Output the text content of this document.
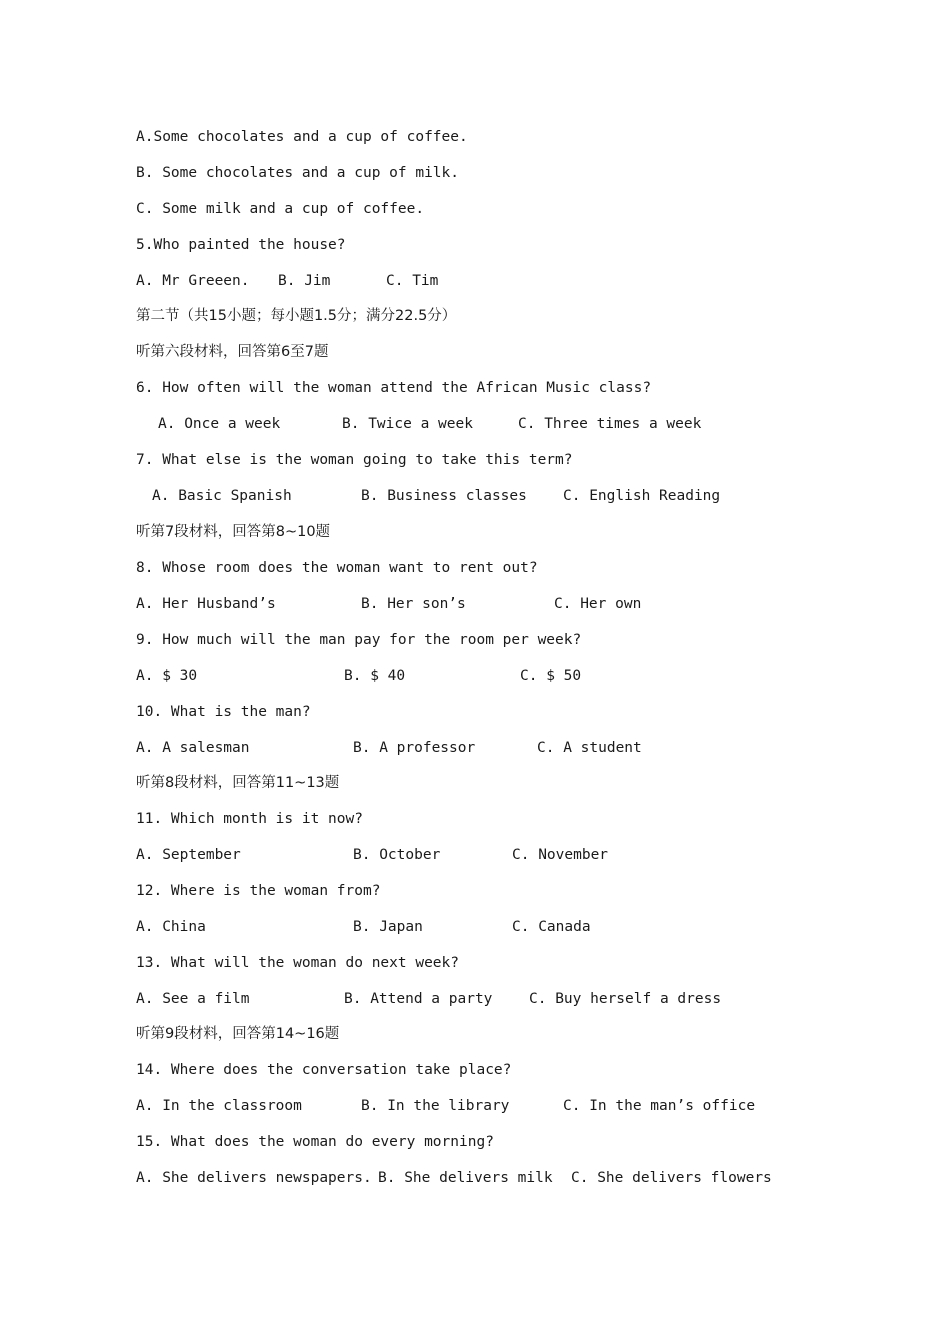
A.Some chocolates and a cup of coffee.
B. Some chocolates and a cup of milk.
C. Some milk and a cup of coffee.
5.Who painted the house?

A. Mr Greeen.

B. Jim

	C. Tim

第二节（共15小题；每小题1.5分；满分22.5分）
听第六段材料，回答第6至7题
6. How often will the woman attend the African Music class?

A. Once a week

	B. Twice a week

	C. Three times a week

7. What else is the woman going to take this term?

A. Basic Spanish

	B. Business classes

C. English Reading

听第7段材料，回答第8~10题
8. Whose room does the woman want to rent out?

A. Her Husband’s

	B. Her son’s

	C. Her own

9. How much will the man pay for the room per week?

A. $ 30

	B. $ 40

	C. $ 50

10. What is the man?

A. A salesman

	B. A professor

	C. A student

听第8段材料，回答第11~13题
11. Which month is it now?

A. September

	B. October

	C. November

12. Where is the woman from?

A. China

	B. Japan

	C. Canada

13. What will the woman do next week?

A. See a film

	B. Attend a party

	C. Buy herself a dress

听第9段材料，回答第14~16题
14. Where does the conversation take place?

A. In the classroom

	B. In the library

	C. In the man’s office

15. What does the woman do every morning?

A. She delivers newspapers.

B. She delivers milk

C. She delivers flowers
